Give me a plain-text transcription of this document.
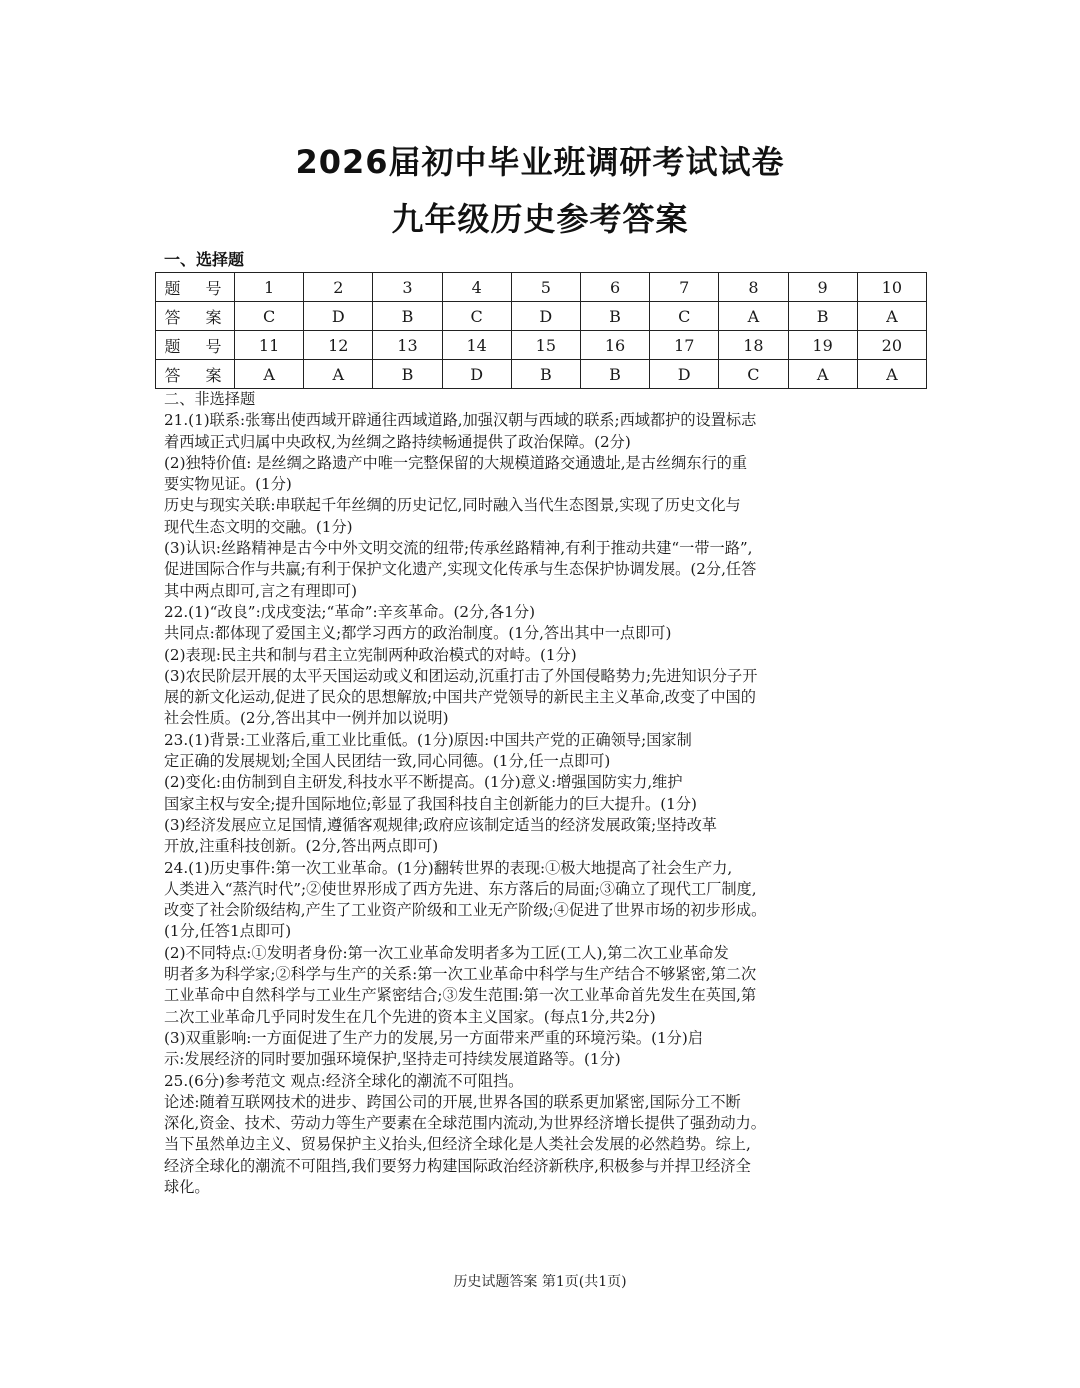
2026届初中毕业班调研考试试卷
九年级历史参考答案
一、选择题
题 号	1	2	3	4	5	6	7	8	9	10
答 案	C	D	B	C	D	B	C	A	B	A
题 号	11	12	13	14	15	16	17	18	19	20
答 案	A	A	B	D	B	B	D	C	A	A
二、非选择题
21.(1)联系:张骞出使西域开辟通往西域道路,加强汉朝与西域的联系;西域都护的设置标志
着西域正式归属中央政权,为丝绸之路持续畅通提供了政治保障。(2分)
(2)独特价值: 是丝绸之路遗产中唯一完整保留的大规模道路交通遗址,是古丝绸东行的重
要实物见证。(1分)
历史与现实关联:串联起千年丝绸的历史记忆,同时融入当代生态图景,实现了历史文化与
现代生态文明的交融。(1分)
(3)认识:丝路精神是古今中外文明交流的纽带;传承丝路精神,有利于推动共建“一带一路”,
促进国际合作与共赢;有利于保护文化遗产,实现文化传承与生态保护协调发展。(2分,任答
其中两点即可,言之有理即可)
22.(1)“改良”:戊戌变法;“革命”:辛亥革命。(2分,各1分)
共同点:都体现了爱国主义;都学习西方的政治制度。(1分,答出其中一点即可)
(2)表现:民主共和制与君主立宪制两种政治模式的对峙。(1分)
(3)农民阶层开展的太平天国运动或义和团运动,沉重打击了外国侵略势力;先进知识分子开
展的新文化运动,促进了民众的思想解放;中国共产党领导的新民主主义革命,改变了中国的
社会性质。(2分,答出其中一例并加以说明)
23.(1)背景:工业落后,重工业比重低。(1分)原因:中国共产党的正确领导;国家制
定正确的发展规划;全国人民团结一致,同心同德。(1分,任一点即可)
(2)变化:由仿制到自主研发,科技水平不断提高。(1分)意义:增强国防实力,维护
国家主权与安全;提升国际地位;彰显了我国科技自主创新能力的巨大提升。(1分)
(3)经济发展应立足国情,遵循客观规律;政府应该制定适当的经济发展政策;坚持改革
开放,注重科技创新。(2分,答出两点即可)
24.(1)历史事件:第一次工业革命。(1分)翻转世界的表现:①极大地提高了社会生产力,
人类进入“蒸汽时代”;②使世界形成了西方先进、东方落后的局面;③确立了现代工厂制度,
改变了社会阶级结构,产生了工业资产阶级和工业无产阶级;④促进了世界市场的初步形成。
(1分,任答1点即可)
(2)不同特点:①发明者身份:第一次工业革命发明者多为工匠(工人),第二次工业革命发
明者多为科学家;②科学与生产的关系:第一次工业革命中科学与生产结合不够紧密,第二次
工业革命中自然科学与工业生产紧密结合;③发生范围:第一次工业革命首先发生在英国,第
二次工业革命几乎同时发生在几个先进的资本主义国家。(每点1分,共2分)
(3)双重影响:一方面促进了生产力的发展,另一方面带来严重的环境污染。(1分)启
示:发展经济的同时要加强环境保护,坚持走可持续发展道路等。(1分)
25.(6分)参考范文 观点:经济全球化的潮流不可阻挡。
论述:随着互联网技术的进步、跨国公司的开展,世界各国的联系更加紧密,国际分工不断
深化,资金、技术、劳动力等生产要素在全球范围内流动,为世界经济增长提供了强劲动力。
当下虽然单边主义、贸易保护主义抬头,但经济全球化是人类社会发展的必然趋势。综上,
经济全球化的潮流不可阻挡,我们要努力构建国际政治经济新秩序,积极参与并捍卫经济全
球化。
历史试题答案 第1页(共1页)
